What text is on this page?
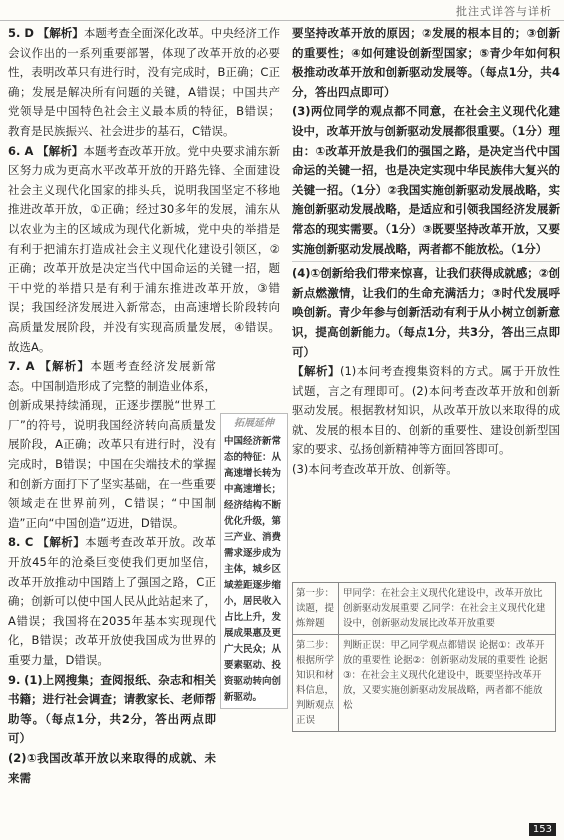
批注式详答与详析

5. D 【解析】本题考查全面深化改革。中央经济工作会议作出的一系列重要部署，体现了改革开放的必要性，表明改革只有进行时，没有完成时，B正确；C正确；发展是解决所有问题的关键，A错误；中国共产党领导是中国特色社会主义最本质的特征，B错误；教育是民族振兴、社会进步的基石，C错误。

6. A 【解析】本题考查改革开放。党中央要求浦东新区努力成为更高水平改革开放的开路先锋、全面建设社会主义现代化国家的排头兵，说明我国坚定不移地推进改革开放，①正确；经过30多年的发展，浦东从以农业为主的区域成为现代化新城，党中央的举措是有利于把浦东打造成社会主义现代化建设引领区，②正确；改革开放是决定当代中国命运的关键一招，题干中党的举措只是有利于浦东推进改革开放，③错误；我国经济发展进入新常态，由高速增长阶段转向高质量发展阶段，并没有实现高质量发展，④错误。故选A。

7. A 【解析】本题考查经济发展新常态。中国制造形成了完整的制造业体系，创新成果持续涌现，正逐步摆脱“世界工厂”的符号，说明我国经济转向高质量发展阶段，A正确；改革只有进行时，没有完成时，B错误；中国在尖端技术的掌握和创新方面打下了坚实基础，在一些重要领域走在世界前列，C错误；“中国制造”正向“中国创造”迈进，D错误。

8. C 【解析】本题考查改革开放。改革开放45年的沧桑巨变使我们更加坚信，改革开放推动中国踏上了强国之路，C正确；创新可以使中国人民从此站起来了，A错误；我国将在2035年基本实现现代化，B错误；改革开放使我国成为世界的重要力量，D错误。

9. (1)上网搜集；查阅报纸、杂志和相关书籍；进行社会调查；请教家长、老师帮助等。（每点1分，共2分，答出两点即可）
(2)①我国改革开放以来取得的成就、未来需

拓展延伸
中国经济新常态的特征：从高速增长转为中高速增长；经济结构不断优化升级，第三产业、消费需求逐步成为主体，城乡区域差距逐步缩小，居民收入占比上升，发展成果惠及更广大民众；从要素驱动、投资驱动转向创新驱动。

要坚持改革开放的原因；②发展的根本目的；③创新的重要性；④如何建设创新型国家；⑤青少年如何积极推动改革开放和创新驱动发展等。（每点1分，共4分，答出四点即可）

(3)两位同学的观点都不同意，在社会主义现代化建设中，改革开放与创新驱动发展都很重要。（1分）理由：①改革开放是我们的强国之路，是决定当代中国命运的关键一招，也是决定实现中华民族伟大复兴的关键一招。（1分）②我国实施创新驱动发展战略，实施创新驱动发展战略，是适应和引领我国经济发展新常态的现实需要。（1分）③既要坚持改革开放，又要实施创新驱动发展战略，两者都不能放松。（1分）

(4)①创新给我们带来惊喜，让我们获得成就感；②创新点燃激情，让我们的生命充满活力；③时代发展呼唤创新。青少年参与创新活动有利于从小树立创新意识，提高创新能力。（每点1分，共3分，答出三点即可）

【解析】(1)本问考查搜集资料的方式。属于开放性试题，言之有理即可。(2)本问考查改革开放和创新驱动发展。根据教材知识，从改革开放以来取得的成就、发展的根本目的、创新的重要性、建设创新型国家的要求、弘扬创新精神等方面回答即可。

(3)本问考查改革开放、创新等。

第一步：读题，提炼辩题
甲同学：在社会主义现代化建设中，改革开放比创新驱动发展重要 乙同学：在社会主义现代化建设中，创新驱动发展比改革开放重要
第二步：根据所学知识和材料信息，判断观点正误
判断正误：甲乙同学观点都错误 论据①：改革开放的重要性 论据②：创新驱动发展的重要性 论据③：在社会主义现代化建设中，既要坚持改革开放，又要实施创新驱动发展战略，两者都不能放松
153
